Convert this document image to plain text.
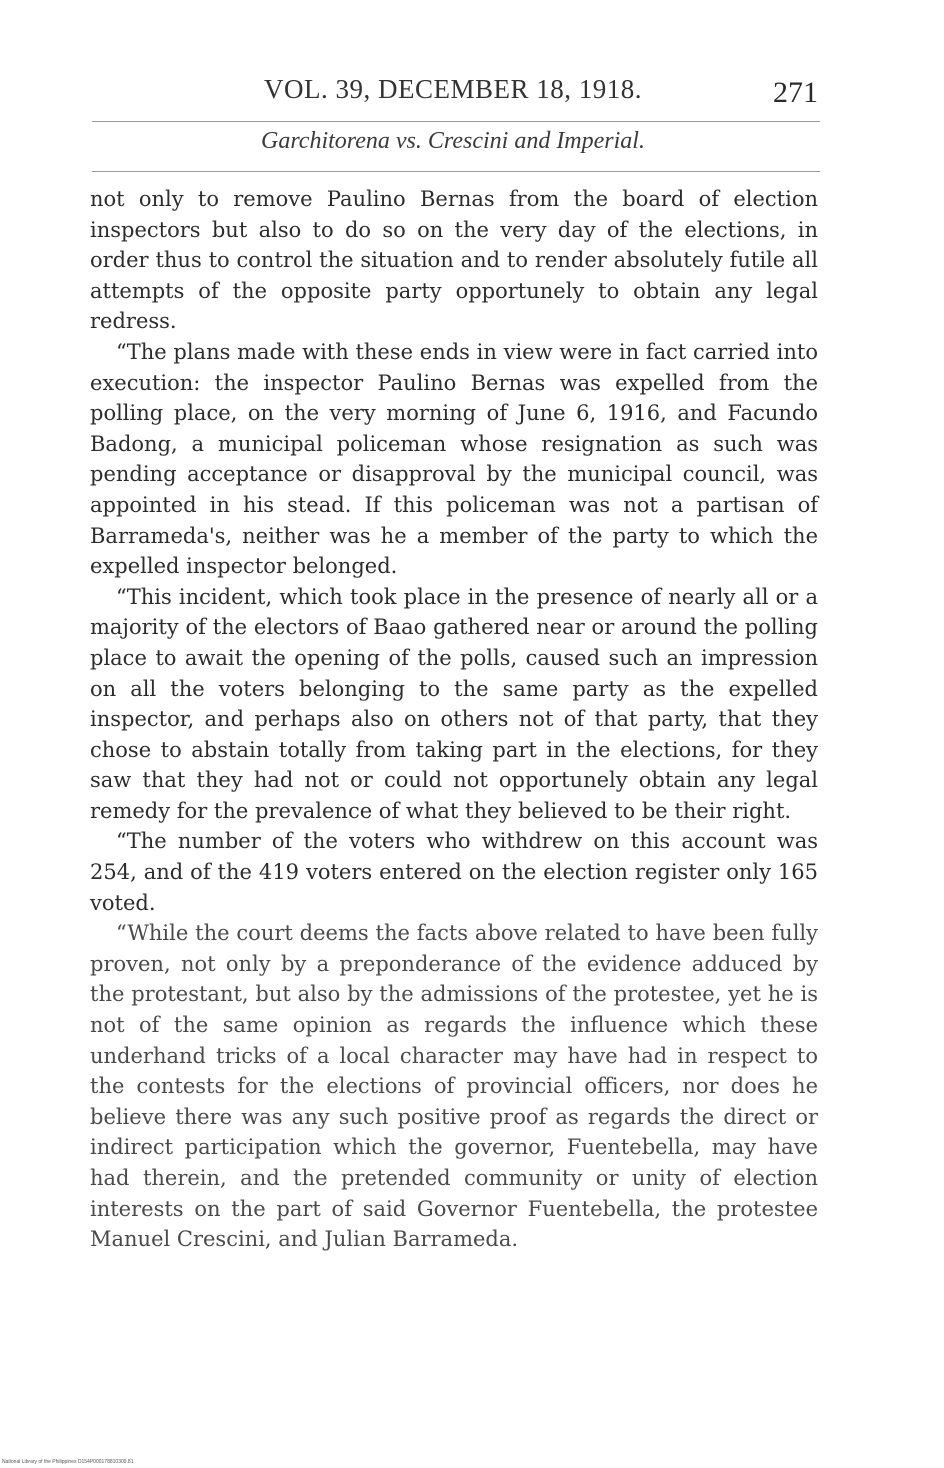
VOL. 39, DECEMBER 18, 1918.	271
Garchitorena vs. Crescini and Imperial.

not only to remove Paulino Bernas from the board of election inspectors but also to do so on the very day of the elections, in order thus to control the situation and to render absolutely futile all attempts of the opposite party opportunely to obtain any legal redress.

“The plans made with these ends in view were in fact carried into execution: the inspector Paulino Bernas was expelled from the polling place, on the very morning of June 6, 1916, and Facundo Badong, a municipal policeman whose resignation as such was pending acceptance or disapproval by the municipal council, was appointed in his stead. If this policeman was not a partisan of Barrameda's, neither was he a member of the party to which the expelled inspector belonged.

“This incident, which took place in the presence of nearly all or a majority of the electors of Baao gathered near or around the polling place to await the opening of the polls, caused such an impression on all the voters belonging to the same party as the expelled inspector, and perhaps also on others not of that party, that they chose to abstain totally from taking part in the elections, for they saw that they had not or could not opportunely obtain any legal remedy for the prevalence of what they believed to be their right.

“The number of the voters who withdrew on this account was 254, and of the 419 voters entered on the election register only 165 voted.

“While the court deems the facts above related to have been fully proven, not only by a preponderance of the evidence adduced by the protestant, but also by the admissions of the protestee, yet he is not of the same opinion as regards the influence which these underhand tricks of a local character may have had in respect to the contests for the elections of provincial officers, nor does he believe there was any such positive proof as regards the direct or indirect participation which the governor, Fuentebella, may have had therein, and the pretended community or unity of election interests on the part of said Governor Fuentebella, the protestee Manuel Crescini, and Julian Barrameda.

National Library of the Philippines D154P000178810309.81
